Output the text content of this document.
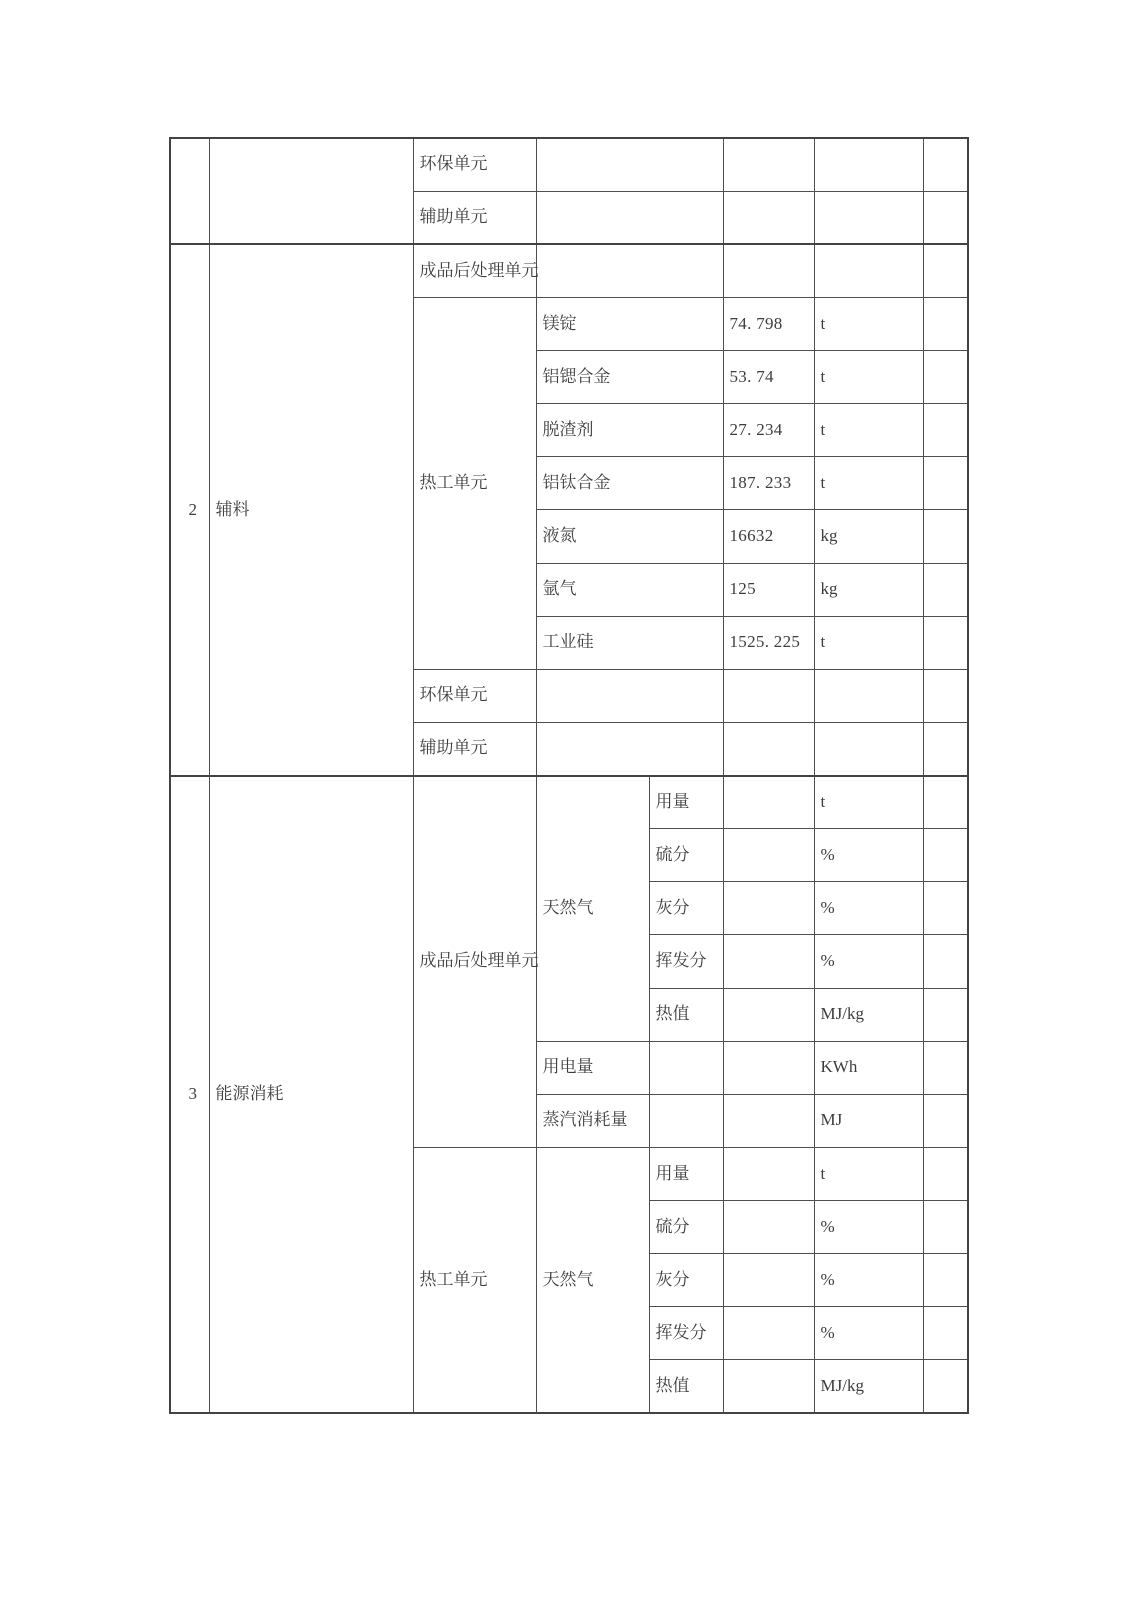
		环保单元					
		辅助单元					
2	辅料	成品后处理单元					
		热工单元	镁锭		74. 798	t	
			铝锶合金		53. 74	t	
			脱渣剂		27. 234	t	
			铝钛合金		187. 233	t	
			液氮		16632	kg	
			氩气		125	kg	
			工业硅		1525. 225	t	
		环保单元					
		辅助单元					
3	能源消耗	成品后处理单元	天然气	用量		t	
				硫分		%	
				灰分		%	
				挥发分		%	
				热值		MJ/kg	
			用电量			KWh	
			蒸汽消耗量			MJ	
		热工单元	天然气	用量		t	
				硫分		%	
				灰分		%	
				挥发分		%	
				热值		MJ/kg	
